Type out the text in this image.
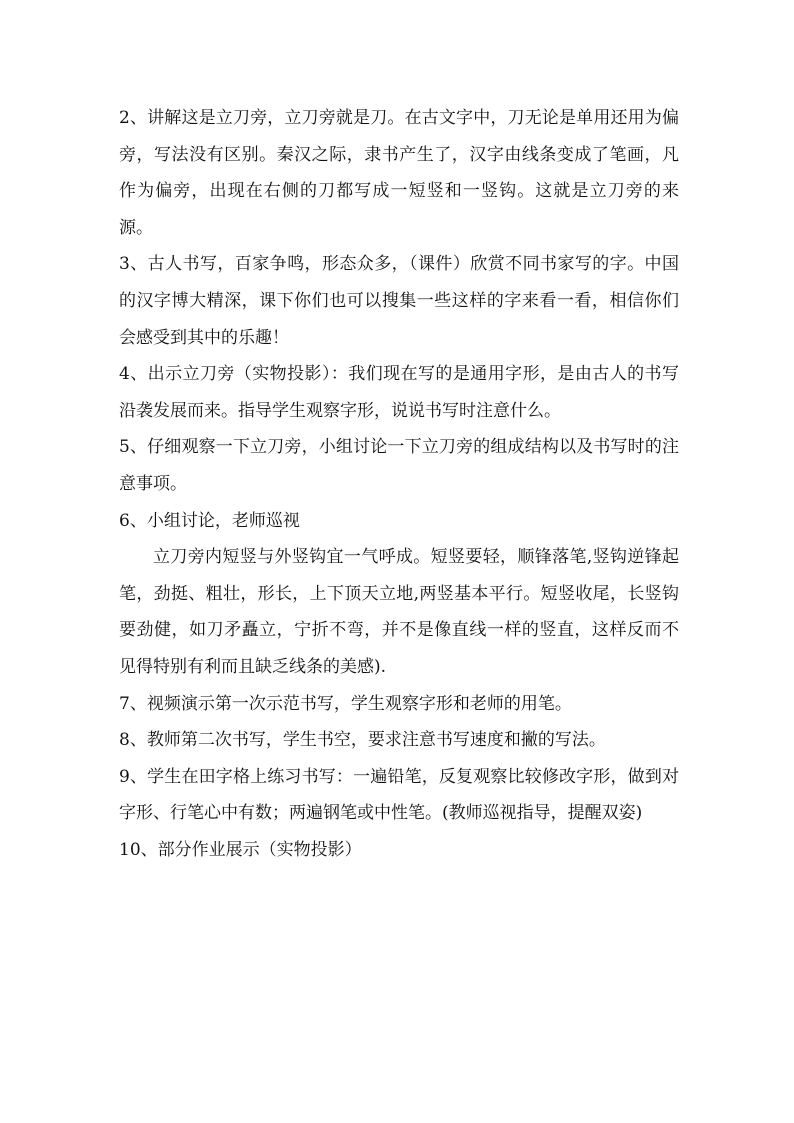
2、讲解这是立刀旁，立刀旁就是刀。在古文字中，刀无论是单用还用为偏旁，写法没有区别。秦汉之际，隶书产生了，汉字由线条变成了笔画，凡作为偏旁，出现在右侧的刀都写成一短竖和一竖钩。这就是立刀旁的来源。

3、古人书写，百家争鸣，形态众多，（课件）欣赏不同书家写的字。中国的汉字博大精深，课下你们也可以搜集一些这样的字来看一看，相信你们会感受到其中的乐趣！

4、出示立刀旁（实物投影）：我们现在写的是通用字形，是由古人的书写沿袭发展而来。指导学生观察字形，说说书写时注意什么。

5、仔细观察一下立刀旁，小组讨论一下立刀旁的组成结构以及书写时的注意事项。

6、小组讨论，老师巡视

立刀旁内短竖与外竖钩宜一气呼成。短竖要轻，顺锋落笔,竖钩逆锋起笔，劲挺、粗壮，形长，上下顶天立地,两竖基本平行。短竖收尾，长竖钩要劲健，如刀矛矗立，宁折不弯，并不是像直线一样的竖直，这样反而不见得特别有利而且缺乏线条的美感).

7、视频演示第一次示范书写，学生观察字形和老师的用笔。

8、教师第二次书写，学生书空，要求注意书写速度和撇的写法。

9、学生在田字格上练习书写：一遍铅笔，反复观察比较修改字形，做到对字形、行笔心中有数；两遍钢笔或中性笔。(教师巡视指导，提醒双姿)

10、部分作业展示（实物投影）
